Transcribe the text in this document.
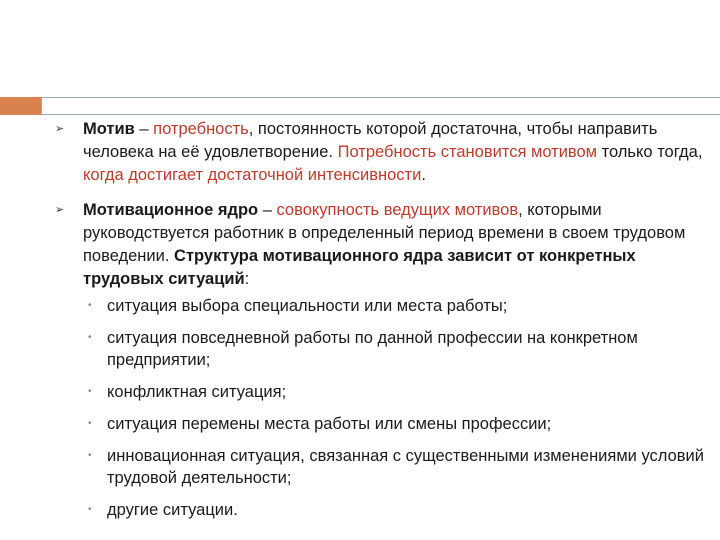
➢ Мотив – потребность, постоянность которой достаточна, чтобы направить человека на её удовлетворение. Потребность становится мотивом только тогда, когда достигает достаточной интенсивности.
➢ Мотивационное ядро – совокупность ведущих мотивов, которыми руководствуется работник в определенный период времени в своем трудовом поведении. Структура мотивационного ядра зависит от конкретных трудовых ситуаций:
• ситуация выбора специальности или места работы;
• ситуация повседневной работы по данной профессии на конкретном предприятии;
• конфликтная ситуация;
• ситуация перемены места работы или смены профессии;
• инновационная ситуация, связанная с существенными изменениями условий трудовой деятельности;
• другие ситуации.
